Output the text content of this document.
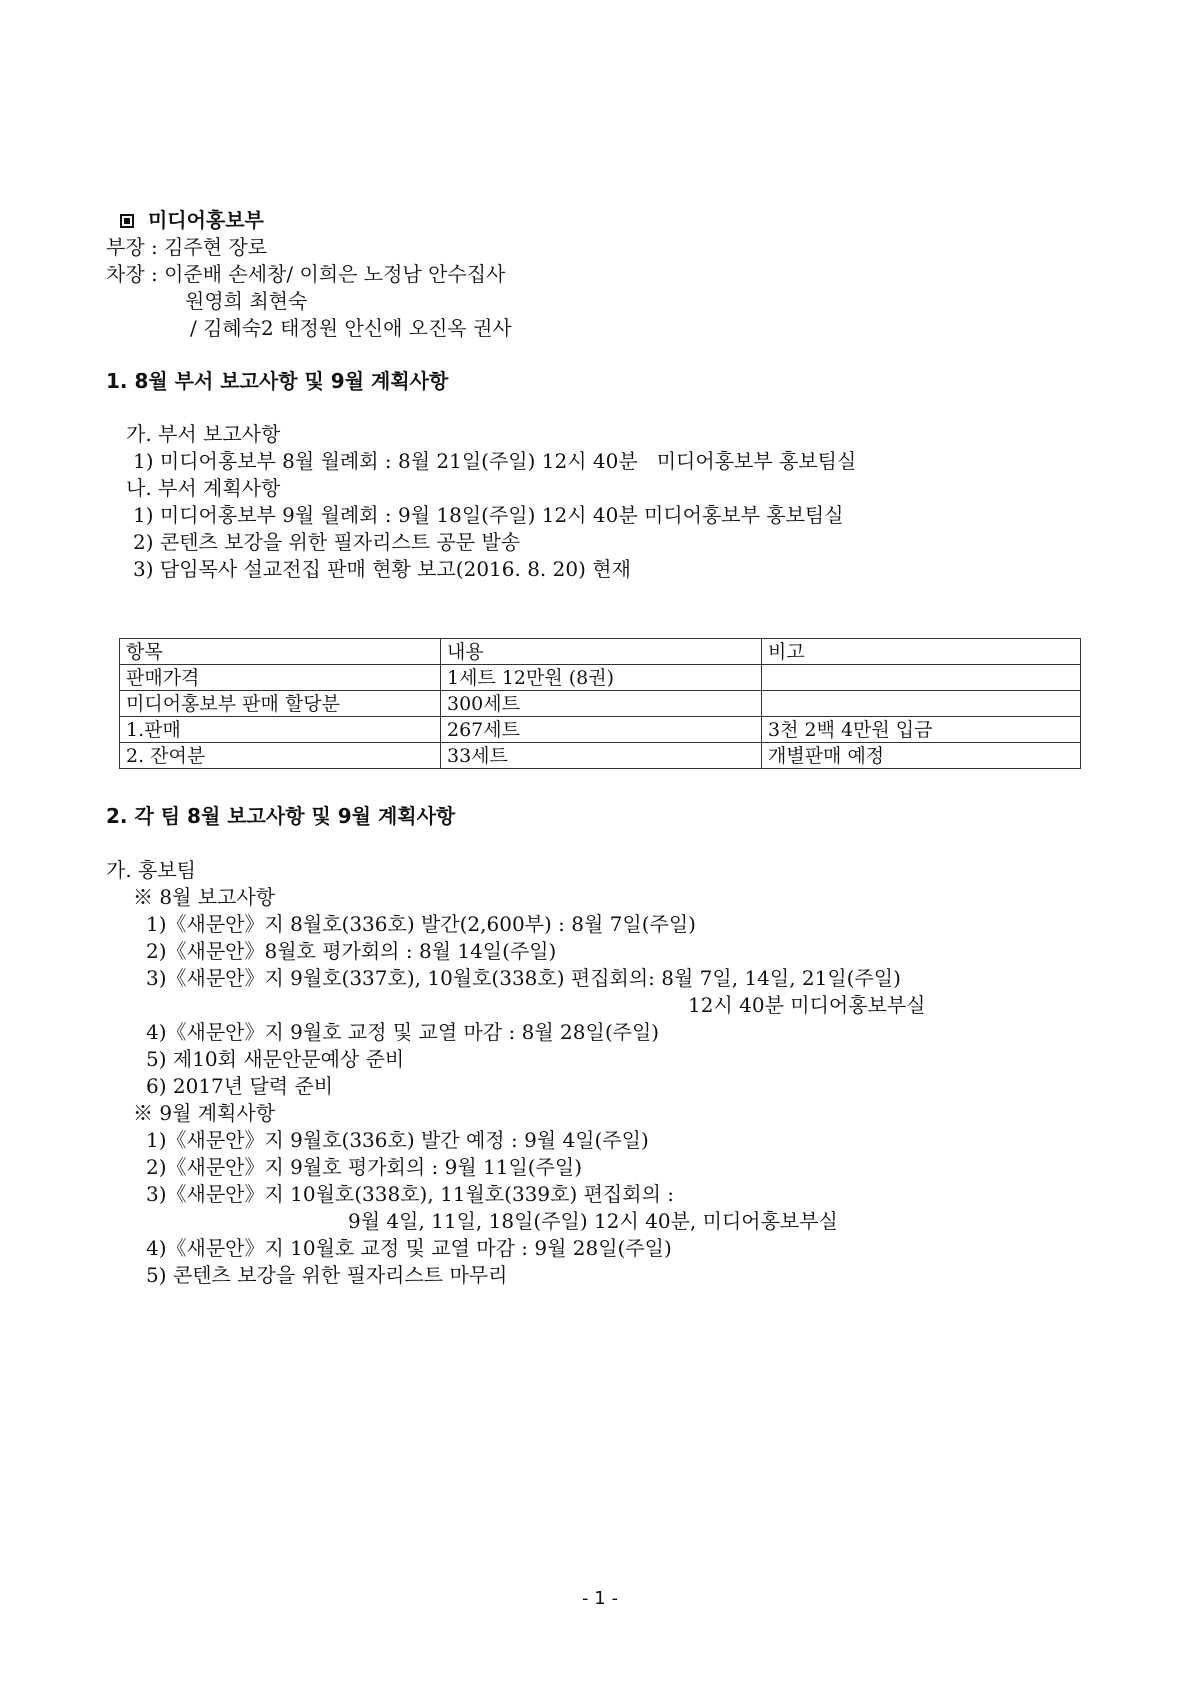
미디어홍보부

부장 : 김주현 장로
차장 : 이준배 손세창/ 이희은 노정남 안수집사
원영희 최현숙
/ 김혜숙2 태정원 안신애 오진옥 권사
1. 8월 부서 보고사항 및 9월 계획사항
가. 부서 보고사항
1) 미디어홍보부 8월 월례회 : 8월 21일(주일) 12시 40분   미디어홍보부 홍보팀실
나. 부서 계획사항
1) 미디어홍보부 9월 월례회 : 9월 18일(주일) 12시 40분 미디어홍보부 홍보팀실
2) 콘텐츠 보강을 위한 필자리스트 공문 발송
3) 담임목사 설교전집 판매 현황 보고(2016. 8. 20) 현재
항목	내용	비고
판매가격	1세트 12만원 (8권)	
미디어홍보부 판매 할당분	300세트	
1.판매	267세트	3천 2백 4만원 입금
2. 잔여분	33세트	개별판매 예정
2. 각 팀 8월 보고사항 및 9월 계획사항
가. 홍보팀
※ 8월 보고사항
1)《새문안》지 8월호(336호) 발간(2,600부) : 8월 7일(주일)
2)《새문안》8월호 평가회의 : 8월 14일(주일)
3)《새문안》지 9월호(337호), 10월호(338호) 편집회의: 8월 7일, 14일, 21일(주일)
12시 40분 미디어홍보부실
4)《새문안》지 9월호 교정 및 교열 마감 : 8월 28일(주일)
5) 제10회 새문안문예상 준비
6) 2017년 달력 준비
※ 9월 계획사항
1)《새문안》지 9월호(336호) 발간 예정 : 9월 4일(주일)
2)《새문안》지 9월호 평가회의 : 9월 11일(주일)
3)《새문안》지 10월호(338호), 11월호(339호) 편집회의 :
9월 4일, 11일, 18일(주일) 12시 40분, 미디어홍보부실
4)《새문안》지 10월호 교정 및 교열 마감 : 9월 28일(주일)
5) 콘텐츠 보강을 위한 필자리스트 마무리
- 1 -
